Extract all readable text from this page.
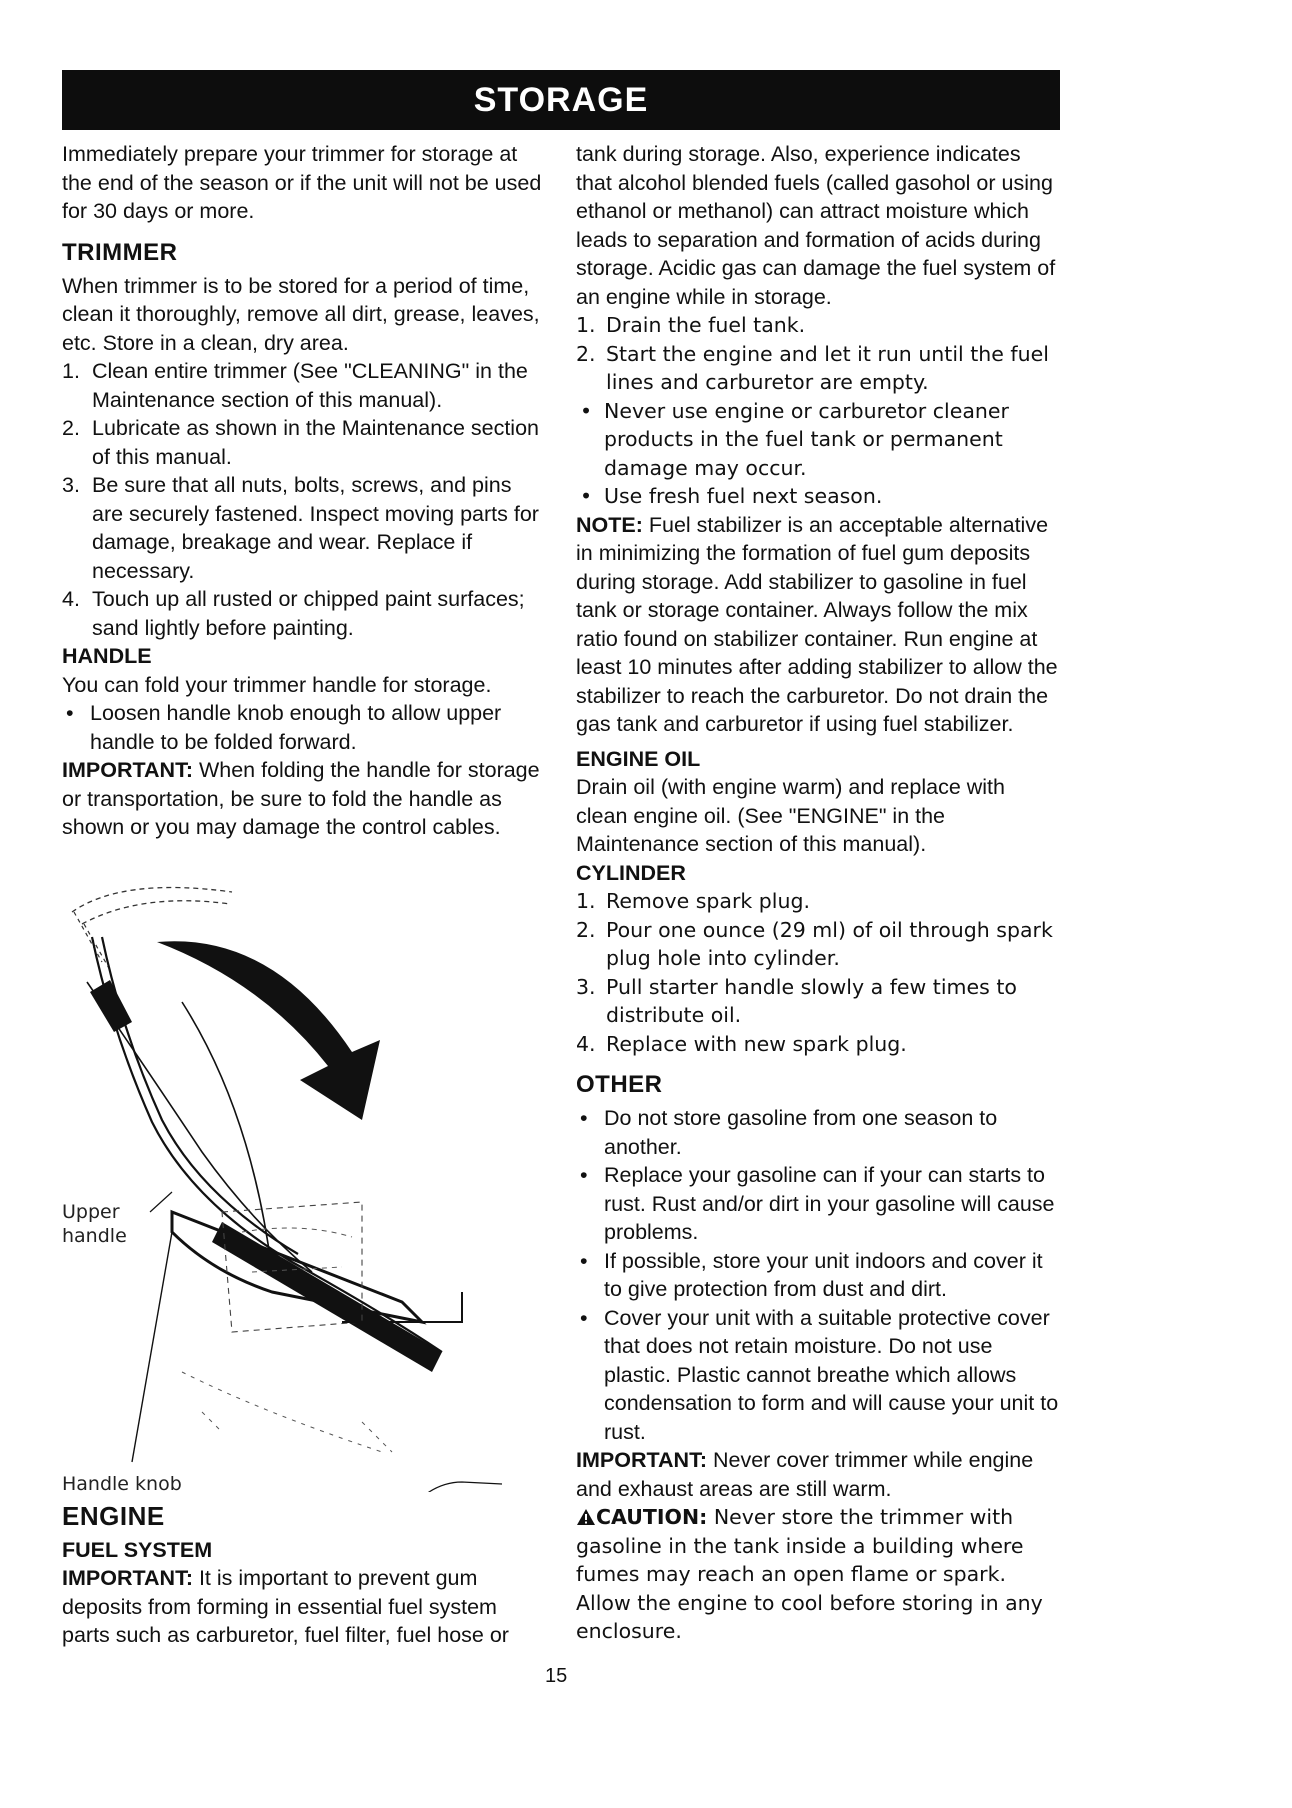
STORAGE

Immediately prepare your trimmer for storage at the end of the season or if the unit will not be used for 30 days or more.

TRIMMER

When trimmer is to be stored for a period of time, clean it thoroughly, remove all dirt, grease, leaves, etc. Store in a clean, dry area.

1. Clean entire trimmer (See "CLEANING" in the Maintenance section of this manual).
2. Lubricate as shown in the Maintenance section of this manual.
3. Be sure that all nuts, bolts, screws, and pins are securely fastened. Inspect moving parts for damage, breakage and wear. Replace if necessary.
4. Touch up all rusted or chipped paint surfaces; sand lightly before painting.
HANDLE

You can fold your trimmer handle for storage.

• Loosen handle knob enough to allow upper handle to be folded forward.

IMPORTANT: When folding the handle for storage or transportation, be sure to fold the handle as shown or you may damage the control cables.

Upper
handle
Handle knob
ENGINE
FUEL SYSTEM

IMPORTANT: It is important to prevent gum deposits from forming in essential fuel system parts such as carburetor, fuel filter, fuel hose or

tank during storage. Also, experience indicates that alcohol blended fuels (called gasohol or using ethanol or methanol) can attract moisture which leads to separation and formation of acids during storage. Acidic gas can damage the fuel system of an engine while in storage.

1. Drain the fuel tank.
2. Start the engine and let it run until the fuel lines and carburetor are empty.
• Never use engine or carburetor cleaner products in the fuel tank or permanent damage may occur.
• Use fresh fuel next season.

NOTE: Fuel stabilizer is an acceptable alternative in minimizing the formation of fuel gum deposits during storage. Add stabilizer to gasoline in fuel tank or storage container. Always follow the mix ratio found on stabilizer container. Run engine at least 10 minutes after adding stabilizer to allow the stabilizer to reach the carburetor. Do not drain the gas tank and carburetor if using fuel stabilizer.

ENGINE OIL

Drain oil (with engine warm) and replace with clean engine oil. (See "ENGINE" in the Maintenance section of this manual).

CYLINDER
1. Remove spark plug.
2. Pour one ounce (29 ml) of oil through spark plug hole into cylinder.
3. Pull starter handle slowly a few times to distribute oil.
4. Replace with new spark plug.
OTHER
• Do not store gasoline from one season to another.
• Replace your gasoline can if your can starts to rust. Rust and/or dirt in your gasoline will cause problems.
• If possible, store your unit indoors and cover it to give protection from dust and dirt.
• Cover your unit with a suitable protective cover that does not retain moisture. Do not use plastic. Plastic cannot breathe which allows condensation to form and will cause your unit to rust.

IMPORTANT: Never cover trimmer while engine and exhaust areas are still warm.

CAUTION: Never store the trimmer with gasoline in the tank inside a building where fumes may reach an open flame or spark. Allow the engine to cool before storing in any enclosure.

15
